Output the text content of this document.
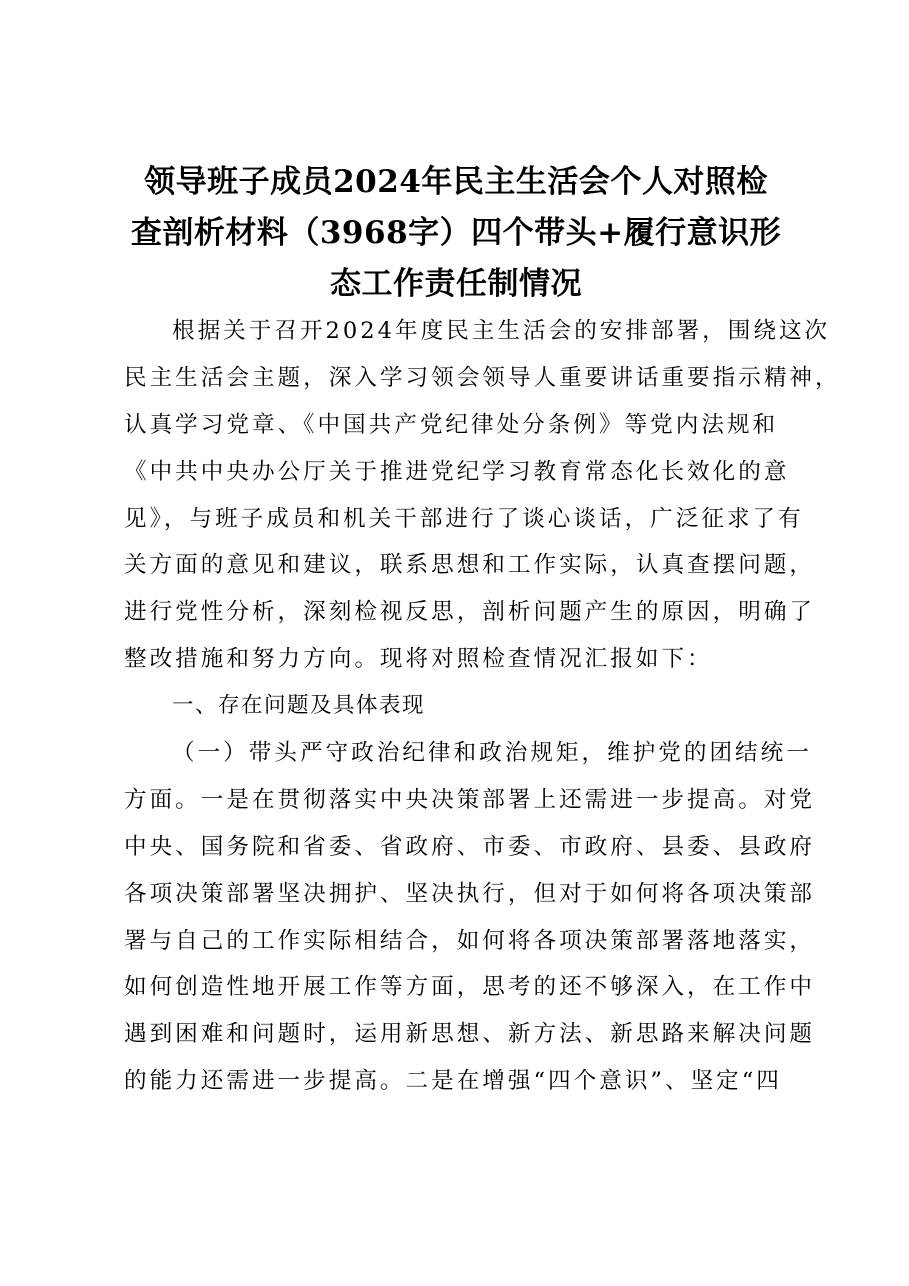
领导班子成员2024年民主生活会个人对照检
查剖析材料（3968字）四个带头+履行意识形
态工作责任制情况
根据关于召开2024年度民主生活会的安排部署，围绕这次
民主生活会主题，深入学习领会领导人重要讲话重要指示精神，
认真学习党章、《中国共产党纪律处分条例》等党内法规和
《中共中央办公厅关于推进党纪学习教育常态化长效化的意
见》，与班子成员和机关干部进行了谈心谈话，广泛征求了有
关方面的意见和建议，联系思想和工作实际，认真查摆问题，
进行党性分析，深刻检视反思，剖析问题产生的原因，明确了
整改措施和努力方向。现将对照检查情况汇报如下：
一、存在问题及具体表现
（一）带头严守政治纪律和政治规矩，维护党的团结统一
方面。一是在贯彻落实中央决策部署上还需进一步提高。对党
中央、国务院和省委、省政府、市委、市政府、县委、县政府
各项决策部署坚决拥护、坚决执行，但对于如何将各项决策部
署与自己的工作实际相结合，如何将各项决策部署落地落实，
如何创造性地开展工作等方面，思考的还不够深入，在工作中
遇到困难和问题时，运用新思想、新方法、新思路来解决问题
的能力还需进一步提高。二是在增强“四个意识”、坚定“四
